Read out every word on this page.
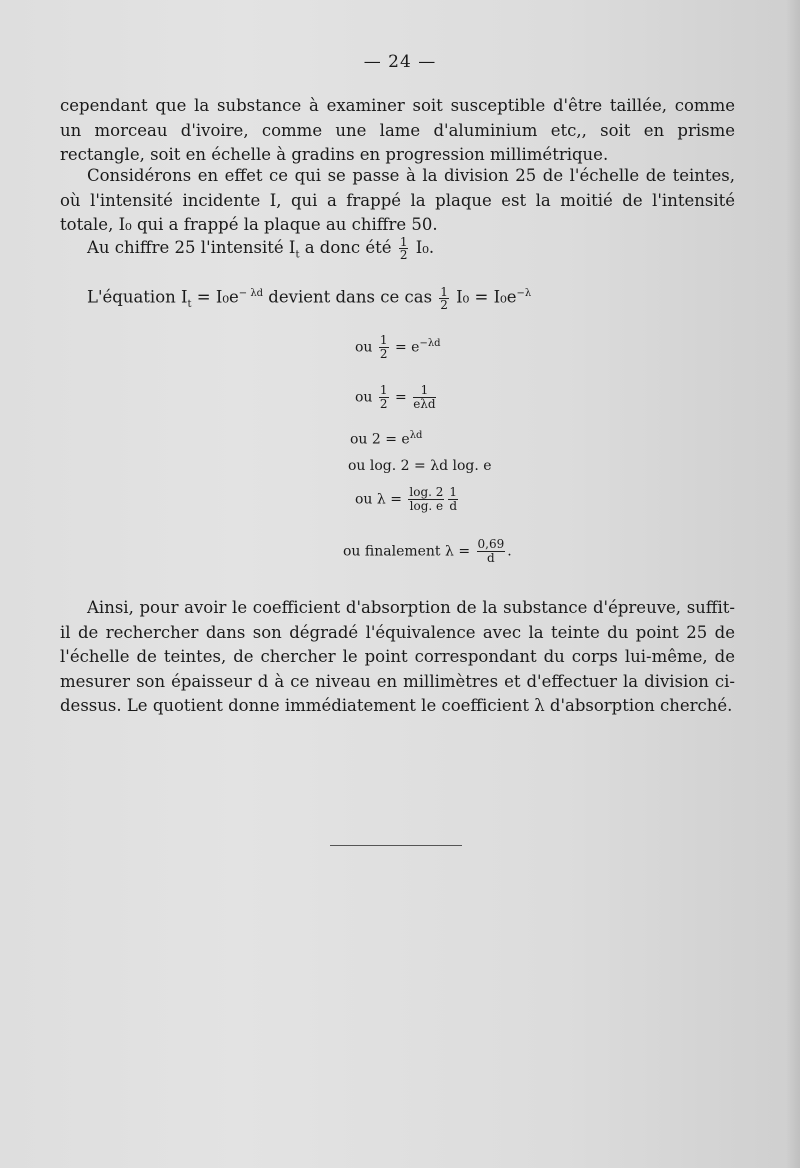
— 24 —

cependant que la substance à examiner soit susceptible d'être taillée, comme un morceau d'ivoire, comme une lame d'aluminium etc,, soit en prisme rectangle, soit en échelle à gradins en progression millimétrique.

Considérons en effet ce qui se passe à la division 25 de l'échelle de teintes, où l'intensité incidente I, qui a frappé la plaque est la moitié de l'intensité totale, I₀ qui a frappé la plaque au chiffre 50.

Au chiffre 25 l'intensité $I_t$ a donc été $\frac{1}{2} I_0$.
L'équation $I_t = I_0e^{- \lambda d}$ devient dans ce cas $\frac{1}{2} I_0 = I_0e^{-\lambda}$
ou $\frac{1}{2} = e^{-\lambda d}$
ou $\frac{1}{2} = \frac{1}{\text{eλd}}$
ou $2 = e^{\lambda d}$
ou log. 2 = λd log. e
ou $\lambda = \frac{\log. 2}{\log. e} \frac{1}{d}$
ou finalement $\lambda = \frac{0,69}{d}$ .

Ainsi, pour avoir le coefficient d'absorption de la substance d'épreuve, suffit-il de rechercher dans son dégradé l'équivalence avec la teinte du point 25 de l'échelle de teintes, de chercher le point correspondant du corps lui-même, de mesurer son épaisseur d à ce niveau en millimètres et d'effectuer la division ci-dessus. Le quotient donne immédiatement le coefficient λ d'absorption cherché.
